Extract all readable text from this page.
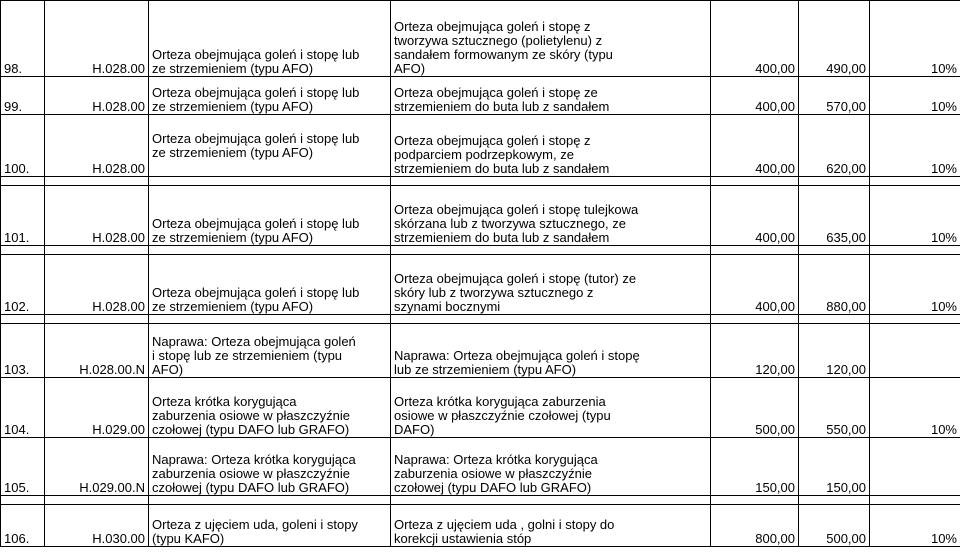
98.	H.028.00	Orteza obejmująca goleń i stopę lub
ze strzemieniem (typu AFO)	Orteza obejmująca goleń i stopę z
tworzywa sztucznego (polietylenu) z
sandałem formowanym ze skóry (typu
AFO)	400,00	490,00	10%
99.	H.028.00	Orteza obejmująca goleń i stopę lub
ze strzemieniem (typu AFO)	Orteza obejmująca goleń i stopę ze
strzemieniem do buta lub z sandałem	400,00	570,00	10%
100.	H.028.00	Orteza obejmująca goleń i stopę lub
ze strzemieniem (typu AFO)	Orteza obejmująca goleń i stopę z
podparciem podrzepkowym, ze
strzemieniem do buta lub z sandałem	400,00	620,00	10%

101.	H.028.00	Orteza obejmująca goleń i stopę lub
ze strzemieniem (typu AFO)	Orteza obejmująca goleń i stopę tulejkowa
skórzana lub z tworzywa sztucznego, ze
strzemieniem do buta lub z sandałem	400,00	635,00	10%

102.	H.028.00	Orteza obejmująca goleń i stopę lub
ze strzemieniem (typu AFO)	Orteza obejmująca goleń i stopę (tutor) ze
skóry lub z tworzywa sztucznego z
szynami bocznymi	400,00	880,00	10%

103.	H.028.00.N	Naprawa: Orteza obejmująca goleń
i stopę lub ze strzemieniem (typu
AFO)	Naprawa: Orteza obejmująca goleń i stopę
lub ze strzemieniem (typu AFO)	120,00	120,00	
104.	H.029.00	Orteza krótka korygująca
zaburzenia osiowe w płaszczyźnie
czołowej (typu DAFO lub GRAFO)	Orteza krótka korygująca zaburzenia
osiowe w płaszczyźnie czołowej (typu
DAFO)	500,00	550,00	10%
105.	H.029.00.N	Naprawa: Orteza krótka korygująca
zaburzenia osiowe w płaszczyźnie
czołowej (typu DAFO lub GRAFO)	Naprawa: Orteza krótka korygująca
zaburzenia osiowe w płaszczyźnie
czołowej (typu DAFO lub GRAFO)	150,00	150,00	

106.	H.030.00	Orteza z ujęciem uda, goleni i stopy
(typu KAFO)	Orteza z ujęciem uda , golni i stopy do
korekcji ustawienia stóp	800,00	500,00	10%
